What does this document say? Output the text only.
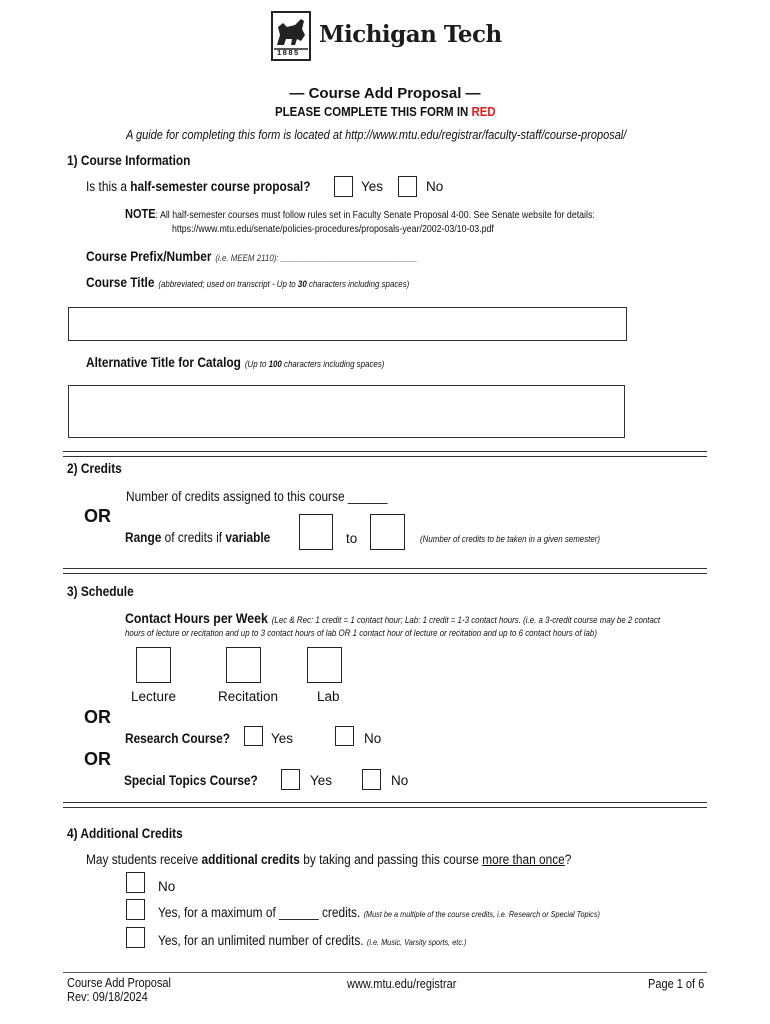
1885
Michigan Tech
— Course Add Proposal —
PLEASE COMPLETE THIS FORM IN RED
A guide for completing this form is located at http://www.mtu.edu/registrar/faculty-staff/course-proposal/
1) Course Information
Is this a half-semester course proposal?	Yes	No
NOTE: All half-semester courses must follow rules set in Faculty Senate Proposal 4-00. See Senate website for details:
https://www.mtu.edu/senate/policies-procedures/proposals-year/2002-03/10-03.pdf
Course Prefix/Number (i.e. MEEM 2110): _______________________________
Course Title (abbreviated; used on transcript - Up to 30 characters including spaces)
Alternative Title for Catalog (Up to 100 characters including spaces)
2) Credits
Number of credits assigned to this course ______
OR
Range of credits if variable	to	(Number of credits to be taken in a given semester)
3) Schedule
Contact Hours per Week (Lec & Rec: 1 credit = 1 contact hour; Lab: 1 credit = 1-3 contact hours. (i.e. a 3-credit course may be 2 contact
hours of lecture or recitation and up to 3 contact hours of lab OR 1 contact hour of lecture or recitation and up to 6 contact hours of lab)
Lecture	Recitation	Lab
OR
Research Course?	Yes	No
OR
Special Topics Course?	Yes	No
4) Additional Credits
May students receive additional credits by taking and passing this course more than once?
No
Yes, for a maximum of ______ credits. (Must be a multiple of the course credits, i.e. Research or Special Topics)
Yes, for an unlimited number of credits. (i.e. Music, Varsity sports, etc.)
Course Add Proposal
Rev: 09/18/2024
www.mtu.edu/registrar	Page 1 of 6
